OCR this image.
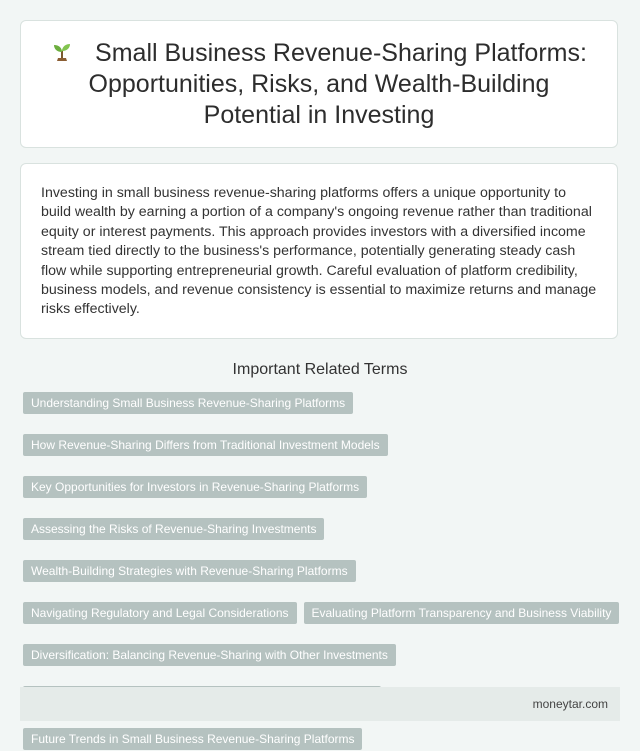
Small Business Revenue-Sharing Platforms: Opportunities, Risks, and Wealth-Building Potential in Investing

Investing in small business revenue-sharing platforms offers a unique opportunity to build wealth by earning a portion of a company's ongoing revenue rather than traditional equity or interest payments. This approach provides investors with a diversified income stream tied directly to the business's performance, potentially generating steady cash flow while supporting entrepreneurial growth. Careful evaluation of platform credibility, business models, and revenue consistency is essential to maximize returns and manage risks effectively.

Important Related Terms
Understanding Small Business Revenue-Sharing Platforms
How Revenue-Sharing Differs from Traditional Investment Models
Key Opportunities for Investors in Revenue-Sharing Platforms
Assessing the Risks of Revenue-Sharing Investments
Wealth-Building Strategies with Revenue-Sharing Platforms
Navigating Regulatory and Legal Considerations	Evaluating Platform Transparency and Business Viability
Diversification: Balancing Revenue-Sharing with Other Investments
Future Trends in Small Business Revenue-Sharing Platforms
moneytar.com
